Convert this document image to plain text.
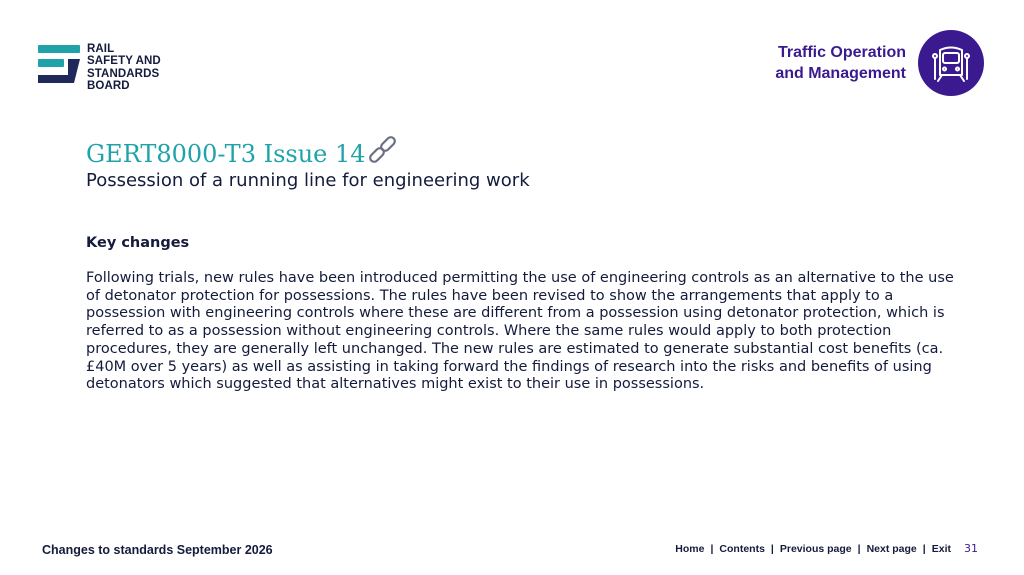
RAIL
SAFETY AND
STANDARDS
BOARD
Traffic Operation
and Management
GERT8000-T3 Issue 14
Possession of a running line for engineering work
Key changes
Following trials, new rules have been introduced permitting the use of engineering controls as an alternative to the use of detonator protection for possessions. The rules have been revised to show the arrangements that apply to a possession with engineering controls where these are different from a possession using detonator protection, which is referred to as a possession without engineering controls. Where the same rules would apply to both protection procedures, they are generally left unchanged. The new rules are estimated to generate substantial cost benefits (ca. £40M over 5 years) as well as assisting in taking forward the findings of research into the risks and benefits of using detonators which suggested that alternatives might exist to their use in possessions.
Changes to standards September 2026	Home | Contents | Previous page | Next page | Exit 31
